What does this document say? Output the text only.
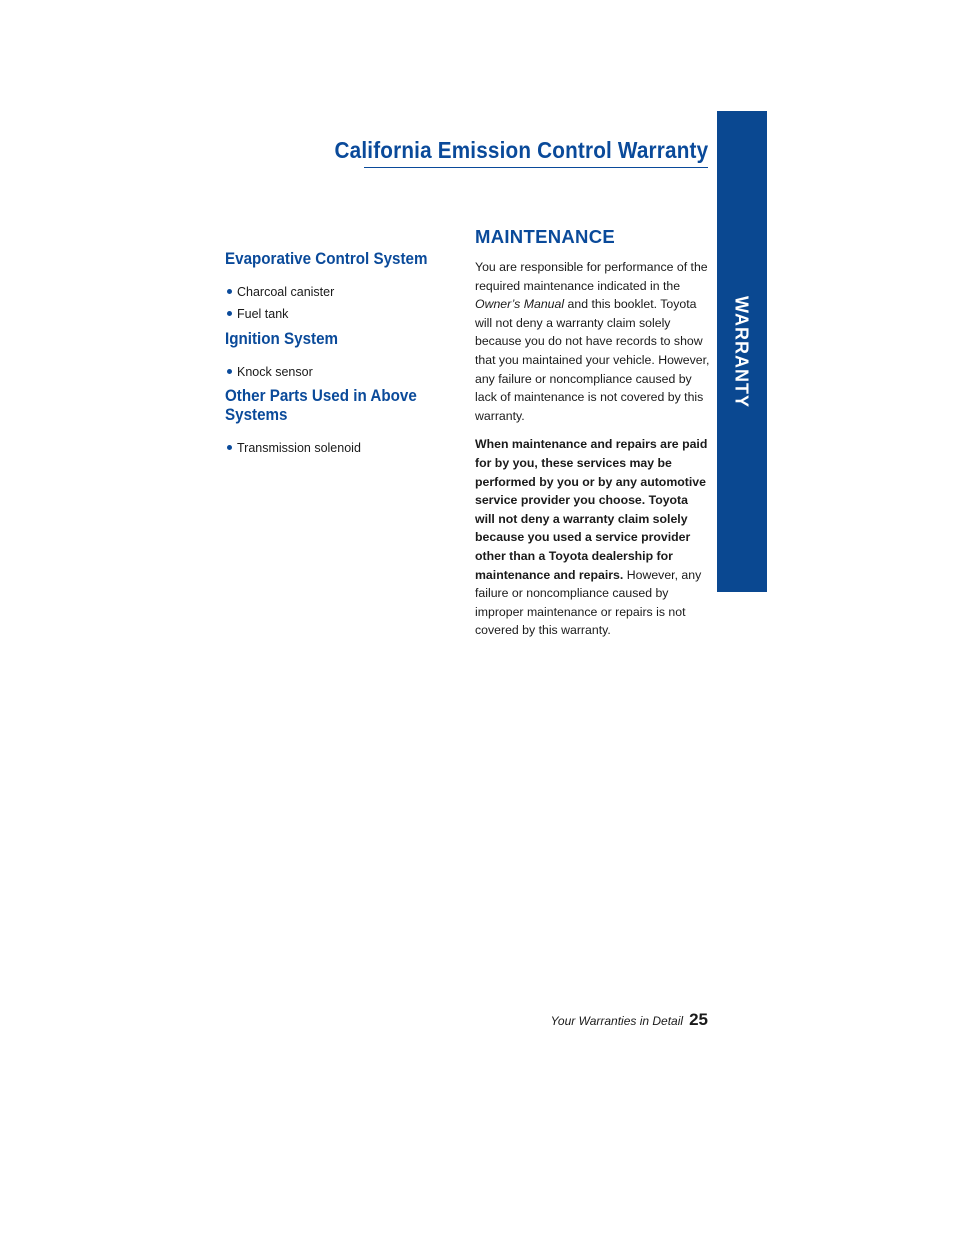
California Emission Control Warranty
WARRANTY
Evaporative Control System
Charcoal canister
Fuel tank
Ignition System
Knock sensor
Other Parts Used in Above Systems
Transmission solenoid
MAINTENANCE

You are responsible for performance of the required maintenance indicated in the Owner’s Manual and this booklet. Toyota will not deny a warranty claim solely because you do not have records to show that you maintained your vehicle. However, any failure or noncompliance caused by lack of maintenance is not covered by this warranty.

When maintenance and repairs are paid for by you, these services may be performed by you or by any automotive service provider you choose. Toyota will not deny a warranty claim solely because you used a service provider other than a Toyota dealership for maintenance and repairs. However, any failure or noncompliance caused by improper maintenance or repairs is not covered by this warranty.

Your Warranties in Detail 25
